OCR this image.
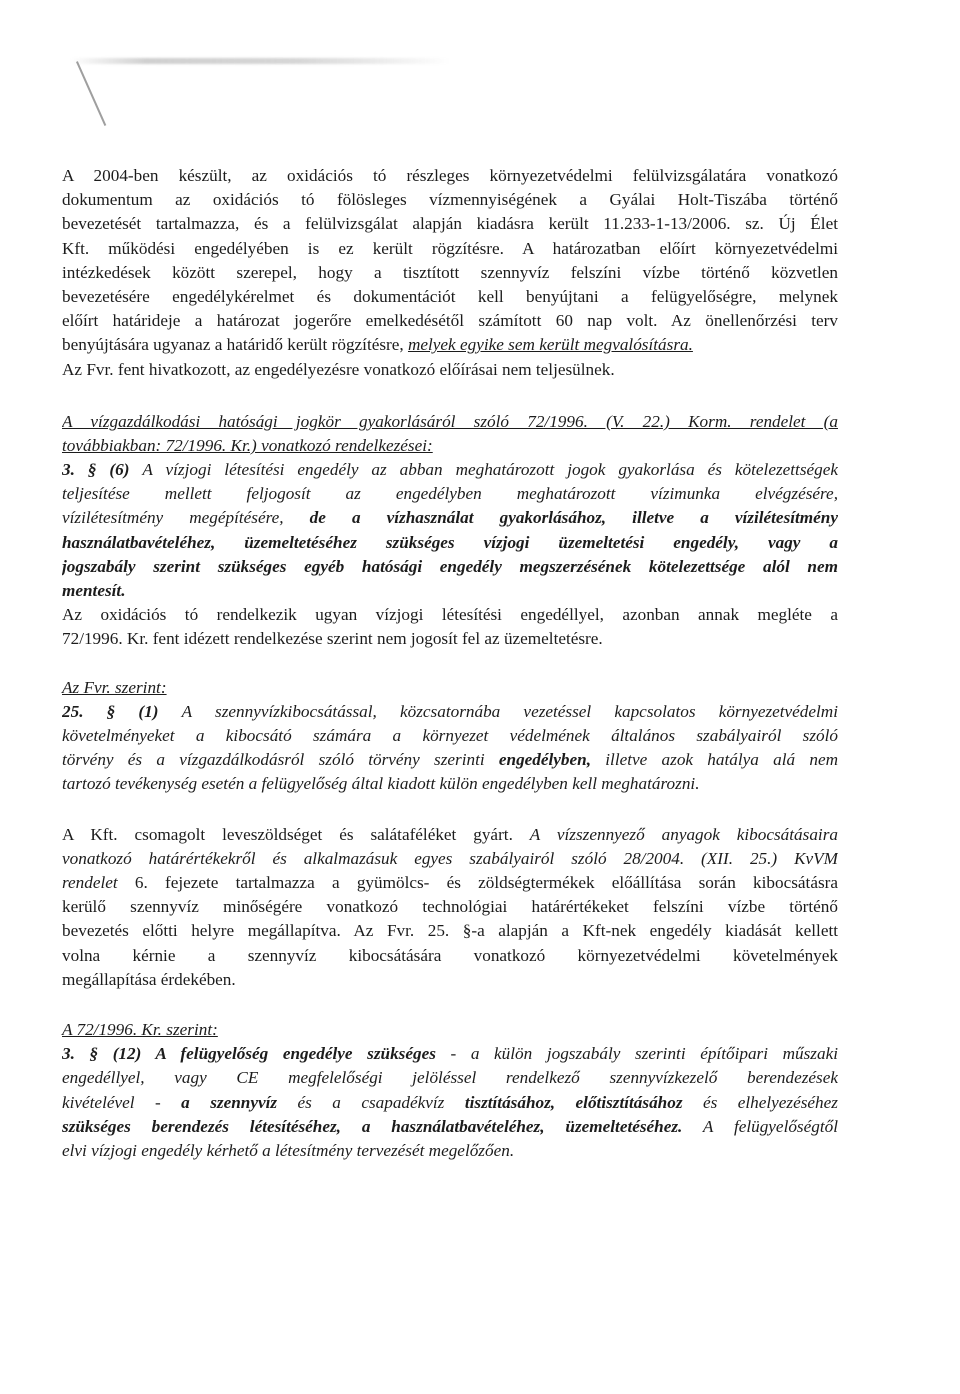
A 2004-ben készült, az oxidációs tó részleges környezetvédelmi felülvizsgálatára vonatkozó
dokumentum az oxidációs tó fölösleges vízmennyiségének a Gyálai Holt-Tiszába történő
bevezetését tartalmazza, és a felülvizsgálat alapján kiadásra került 11.233-1-13/2006. sz. Új Élet
Kft. működési engedélyében is ez került rögzítésre. A határozatban előírt környezetvédelmi
intézkedések között szerepel, hogy a tisztított szennyvíz felszíni vízbe történő közvetlen
bevezetésére engedélykérelmet és dokumentációt kell benyújtani a felügyelőségre, melynek
előírt határideje a határozat jogerőre emelkedésétől számított 60 nap volt. Az önellenőrzési terv
benyújtására ugyanaz a határidő került rögzítésre, melyek egyike sem került megvalósításra.
Az Fvr. fent hivatkozott, az engedélyezésre vonatkozó előírásai nem teljesülnek.
A vízgazdálkodási hatósági jogkör gyakorlásáról szóló 72/1996. (V. 22.) Korm. rendelet (a
továbbiakban: 72/1996. Kr.) vonatkozó rendelkezései:
3. § (6) A vízjogi létesítési engedély az abban meghatározott jogok gyakorlása és kötelezettségek
teljesítése mellett feljogosít az engedélyben meghatározott vízimunka elvégzésére,
vízilétesítmény megépítésére, de a vízhasználat gyakorlásához, illetve a vízilétesítmény
használatbavételéhez, üzemeltetéséhez szükséges vízjogi üzemeltetési engedély, vagy a
jogszabály szerint szükséges egyéb hatósági engedély megszerzésének kötelezettsége alól nem
mentesít.
Az oxidációs tó rendelkezik ugyan vízjogi létesítési engedéllyel, azonban annak megléte a
72/1996. Kr. fent idézett rendelkezése szerint nem jogosít fel az üzemeltetésre.
Az Fvr. szerint:
25. § (1) A szennyvízkibocsátással, közcsatornába vezetéssel kapcsolatos környezetvédelmi
követelményeket a kibocsátó számára a környezet védelmének általános szabályairól szóló
törvény és a vízgazdálkodásról szóló törvény szerinti engedélyben, illetve azok hatálya alá nem
tartozó tevékenység esetén a felügyelőség által kiadott külön engedélyben kell meghatározni.
A Kft. csomagolt leveszöldséget és salátaféléket gyárt. A vízszennyező anyagok kibocsátásaira
vonatkozó határértékekről és alkalmazásuk egyes szabályairól szóló 28/2004. (XII. 25.) KvVM
rendelet 6. fejezete tartalmazza a gyümölcs- és zöldségtermékek előállítása során kibocsátásra
kerülő szennyvíz minőségére vonatkozó technológiai határértékeket felszíni vízbe történő
bevezetés előtti helyre megállapítva. Az Fvr. 25. §-a alapján a Kft-nek engedély kiadását kellett
volna kérnie a szennyvíz kibocsátására vonatkozó környezetvédelmi követelmények
megállapítása érdekében.
A 72/1996. Kr. szerint:
3. § (12) A felügyelőség engedélye szükséges - a külön jogszabály szerinti építőipari műszaki
engedéllyel, vagy CE megfelelőségi jelöléssel rendelkező szennyvízkezelő berendezések
kivételével - a szennyvíz és a csapadékvíz tisztításához, előtisztításához és elhelyezéséhez
szükséges berendezés létesítéséhez, a használatbavételéhez, üzemeltetéséhez. A felügyelőségtől
elvi vízjogi engedély kérhető a létesítmény tervezését megelőzően.
